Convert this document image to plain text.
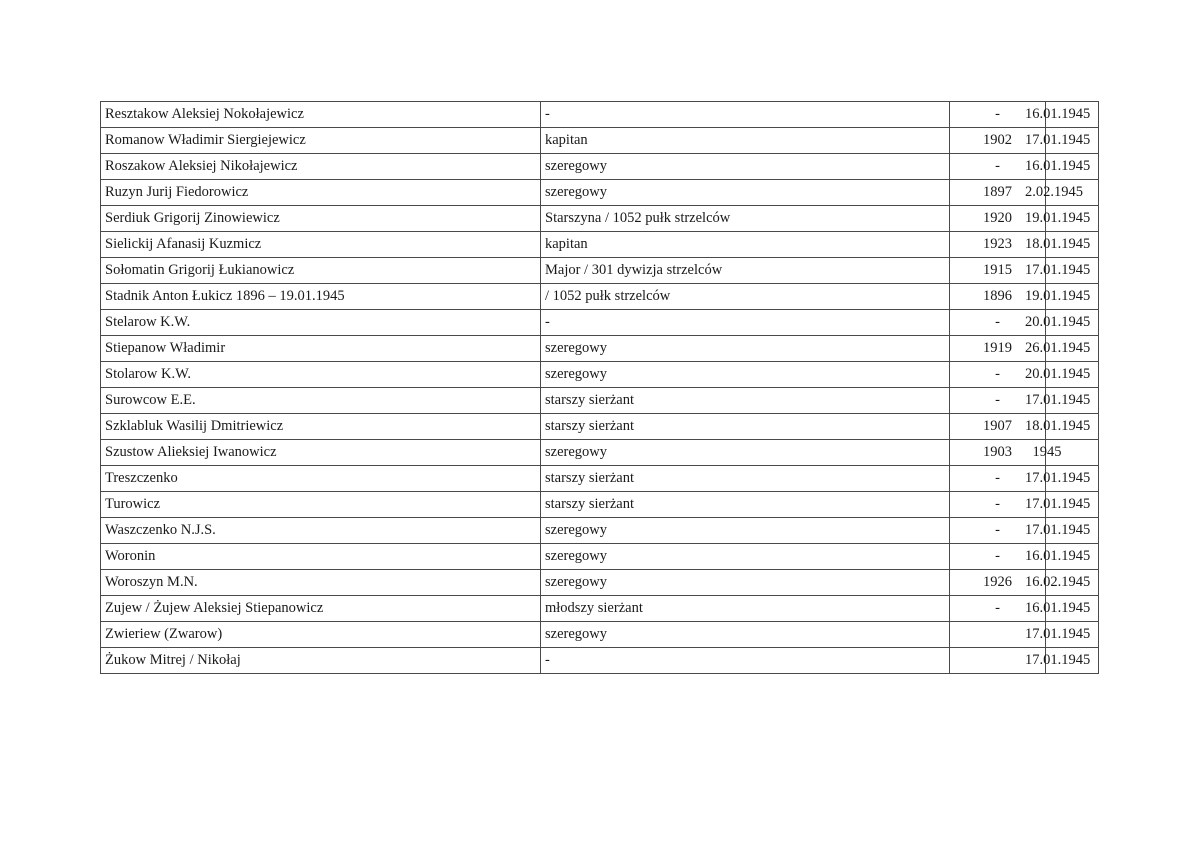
Resztakow Aleksiej Nokołajewicz	-	-	16.01.1945
Romanow Władimir Siergiejewicz	kapitan	1902	17.01.1945
Roszakow Aleksiej Nikołajewicz	szeregowy	-	16.01.1945
Ruzyn Jurij Fiedorowicz	szeregowy	1897	2.02.1945
Serdiuk Grigorij Zinowiewicz	Starszyna / 1052 pułk strzelców	1920	19.01.1945
Sielickij Afanasij Kuzmicz	kapitan	1923	18.01.1945
Sołomatin Grigorij Łukianowicz	Major / 301 dywizja strzelców	1915	17.01.1945
Stadnik Anton Łukicz 1896 – 19.01.1945	/ 1052 pułk strzelców	1896	19.01.1945
Stelarow K.W.	-	-	20.01.1945
Stiepanow Władimir	szeregowy	1919	26.01.1945
Stolarow K.W.	szeregowy	-	20.01.1945
Surowcow E.E.	starszy sierżant	-	17.01.1945
Szklabluk Wasilij Dmitriewicz	starszy sierżant	1907	18.01.1945
Szustow Alieksiej Iwanowicz	szeregowy	1903	1945
Treszczenko	starszy sierżant	-	17.01.1945
Turowicz	starszy sierżant	-	17.01.1945
Waszczenko N.J.S.	szeregowy	-	17.01.1945
Woronin	szeregowy	-	16.01.1945
Woroszyn M.N.	szeregowy	1926	16.02.1945
Zujew / Żujew Aleksiej Stiepanowicz	młodszy sierżant	-	16.01.1945
Zwieriew (Zwarow)	szeregowy		17.01.1945
Żukow Mitrej / Nikołaj	-		17.01.1945
